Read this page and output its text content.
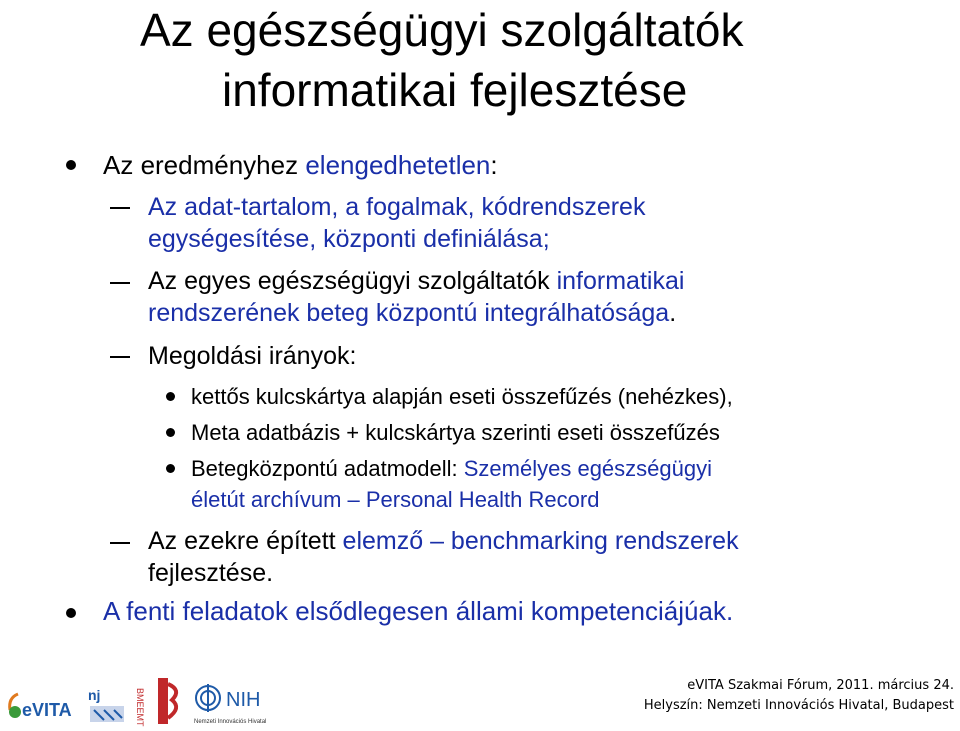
Az egészségügyi szolgáltatók
informatikai fejlesztése
Az eredményhez elengedhetetlen:
Az adat-tartalom, a fogalmak, kódrendszerek
egységesítése, központi definiálása;
Az egyes egészségügyi szolgáltatók informatikai
rendszerének beteg központú integrálhatósága.
Megoldási irányok:
kettős kulcskártya alapján eseti összefűzés (nehézkes),
Meta adatbázis + kulcskártya szerinti eseti összefűzés
Betegközpontú adatmodell: Személyes egészségügyi
életút archívum – Personal Health Record
Az ezekre épített elemző – benchmarking rendszerek
fejlesztése.
A fenti feladatok elsődlegesen állami kompetenciájúak.
eVITA
nj	BMEEMT	NIH
Nemzeti Innovációs Hivatal
eVITA Szakmai Fórum, 2011. március 24.
Helyszín: Nemzeti Innovációs Hivatal, Budapest
